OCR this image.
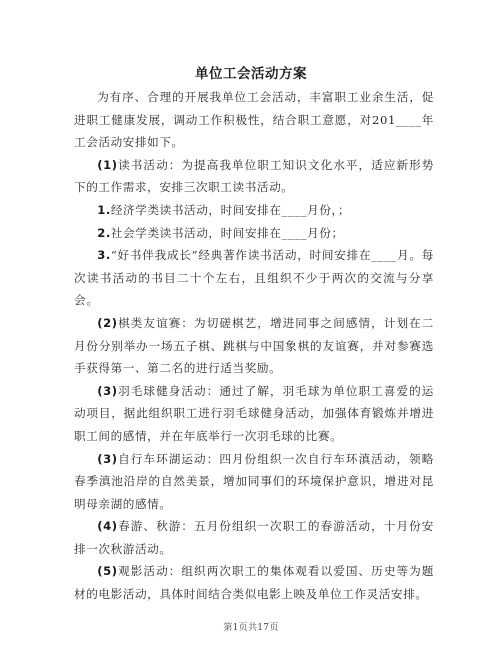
单位工会活动方案

为有序、合理的开展我单位工会活动，丰富职工业余生活，促进职工健康发展，调动工作积极性，结合职工意愿，对201____年工会活动安排如下。

(1)读书活动：为提高我单位职工知识文化水平，适应新形势下的工作需求，安排三次职工读书活动。

1.经济学类读书活动，时间安排在____月份，；

2.社会学类读书活动，时间安排在____月份；

3.“好书伴我成长”经典著作读书活动，时间安排在____月。每次读书活动的书目二十个左右，且组织不少于两次的交流与分享会。

(2)棋类友谊赛：为切磋棋艺，增进同事之间感情，计划在二月份分别举办一场五子棋、跳棋与中国象棋的友谊赛，并对参赛选手获得第一、第二名的进行适当奖励。

(3)羽毛球健身活动：通过了解，羽毛球为单位职工喜爱的运动项目，据此组织职工进行羽毛球健身活动，加强体育锻炼并增进职工间的感情，并在年底举行一次羽毛球的比赛。

(3)自行车环湖运动：四月份组织一次自行车环滇活动，领略春季滇池沿岸的自然美景，增加同事们的环境保护意识，增进对昆明母亲湖的感情。

(4)春游、秋游：五月份组织一次职工的春游活动，十月份安排一次秋游活动。

(5)观影活动：组织两次职工的集体观看以爱国、历史等为题材的电影活动，具体时间结合类似电影上映及单位工作灵活安排。

第1页共17页
